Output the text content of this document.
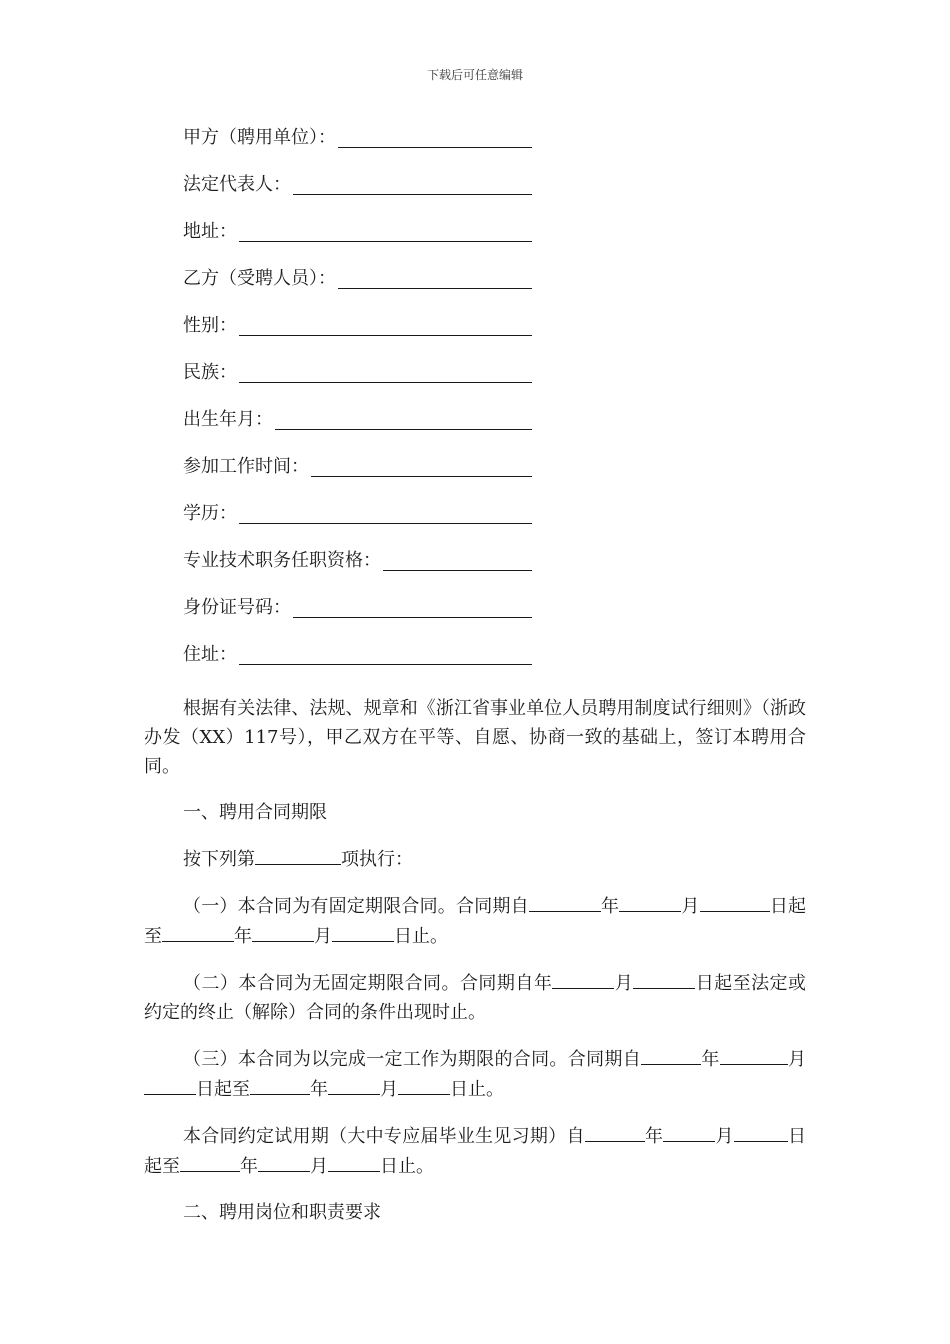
下载后可任意编辑
甲方（聘用单位）：
法定代表人：
地址：
乙方（受聘人员）：
性别：
民族：
出生年月：
参加工作时间：
学历：
专业技术职务任职资格：
身份证号码：
住址：

根据有关法律、法规、规章和《浙江省事业单位人员聘用制度试行细则》（浙政办发（XX）117号），甲乙双方在平等、自愿、协商一致的基础上，签订本聘用合同。

一、聘用合同期限

按下列第	项执行：

（一）本合同为有固定期限合同。合同期自	年	月	日起至	年	月	日止。

（二）本合同为无固定期限合同。合同期自年	月	日起至法定或约定的终止（解除）合同的条件出现时止。

（三）本合同为以完成一定工作为期限的合同。合同期自	年	月日起至	年	月	日止。

本合同约定试用期（大中专应届毕业生见习期）自	年	月	日起至	年	月	日止。

二、聘用岗位和职责要求
